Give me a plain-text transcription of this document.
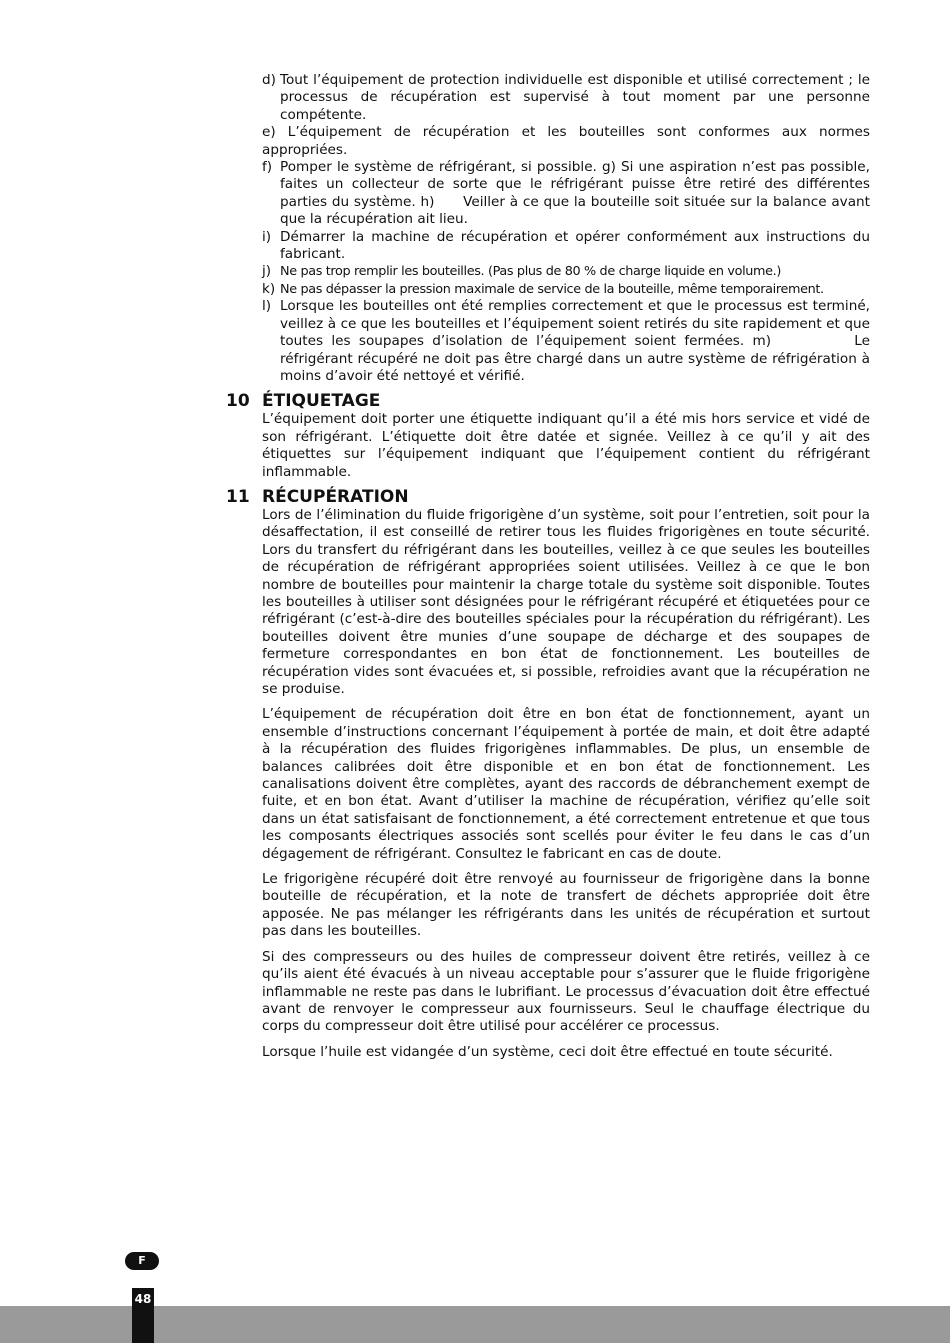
d) Tout l’équipement de protection individuelle est disponible et utilisé correctement ; le processus de récupération est supervisé à tout moment par une personne compétente.
e) L’équipement de récupération et les bouteilles sont conformes aux normes appropriées.
f) Pomper le système de réfrigérant, si possible. g) Si une aspiration n’est pas possible, faites un collecteur de sorte que le réfrigérant puisse être retiré des différentes parties du système. h)      Veiller à ce que la bouteille soit située sur la balance avant que la récupération ait lieu.
i) Démarrer la machine de récupération et opérer conformément aux instructions du fabricant.
j) Ne pas trop remplir les bouteilles. (Pas plus de 80 % de charge liquide en volume.)
k) Ne pas dépasser la pression maximale de service de la bouteille, même temporairement.
l) Lorsque les bouteilles ont été remplies correctement et que le processus est terminé, veillez à ce que les bouteilles et l’équipement soient retirés du site rapidement et que toutes les soupapes d’isolation de l’équipement soient fermées. m)          Le réfrigérant récupéré ne doit pas être chargé dans un autre système de réfrigération à moins d’avoir été nettoyé et vérifié.
10 ÉTIQUETAGE
L’équipement doit porter une étiquette indiquant qu’il a été mis hors service et vidé de son réfrigérant. L’étiquette doit être datée et signée. Veillez à ce qu’il y ait des étiquettes sur l’équipement indiquant que l’équipement contient du réfrigérant inflammable.
11 RÉCUPÉRATION
Lors de l’élimination du fluide frigorigène d’un système, soit pour l’entretien, soit pour la désaffectation, il est conseillé de retirer tous les fluides frigorigènes en toute sécurité. Lors du transfert du réfrigérant dans les bouteilles, veillez à ce que seules les bouteilles de récupération de réfrigérant appropriées soient utilisées. Veillez à ce que le bon nombre de bouteilles pour maintenir la charge totale du système soit disponible. Toutes les bouteilles à utiliser sont désignées pour le réfrigérant récupéré et étiquetées pour ce réfrigérant (c’est-à-dire des bouteilles spéciales pour la récupération du réfrigérant). Les bouteilles doivent être munies d’une soupape de décharge et des soupapes de fermeture correspondantes en bon état de fonctionnement. Les bouteilles de récupération vides sont évacuées et, si possible, refroidies avant que la récupération ne se produise.
L’équipement de récupération doit être en bon état de fonctionnement, ayant un ensemble d’instructions concernant l’équipement à portée de main, et doit être adapté à la récupération des fluides frigorigènes inflammables. De plus, un ensemble de balances calibrées doit être disponible et en bon état de fonctionnement. Les canalisations doivent être complètes, ayant des raccords de débranchement exempt de fuite, et en bon état. Avant d’utiliser la machine de récupération, vérifiez qu’elle soit dans un état satisfaisant de fonctionnement, a été correctement entretenue et que tous les composants électriques associés sont scellés pour éviter le feu dans le cas d’un dégagement de réfrigérant. Consultez le fabricant en cas de doute.
Le frigorigène récupéré doit être renvoyé au fournisseur de frigorigène dans la bonne bouteille de récupération, et la note de transfert de déchets appropriée doit être apposée. Ne pas mélanger les réfrigérants dans les unités de récupération et surtout pas dans les bouteilles.
Si des compresseurs ou des huiles de compresseur doivent être retirés, veillez à ce qu’ils aient été évacués à un niveau acceptable pour s’assurer que le fluide frigorigène inflammable ne reste pas dans le lubrifiant. Le processus d’évacuation doit être effectué avant de renvoyer le compresseur aux fournisseurs. Seul le chauffage électrique du corps du compresseur doit être utilisé pour accélérer ce processus.
Lorsque l’huile est vidangée d’un système, ceci doit être effectué en toute sécurité.
F
48
